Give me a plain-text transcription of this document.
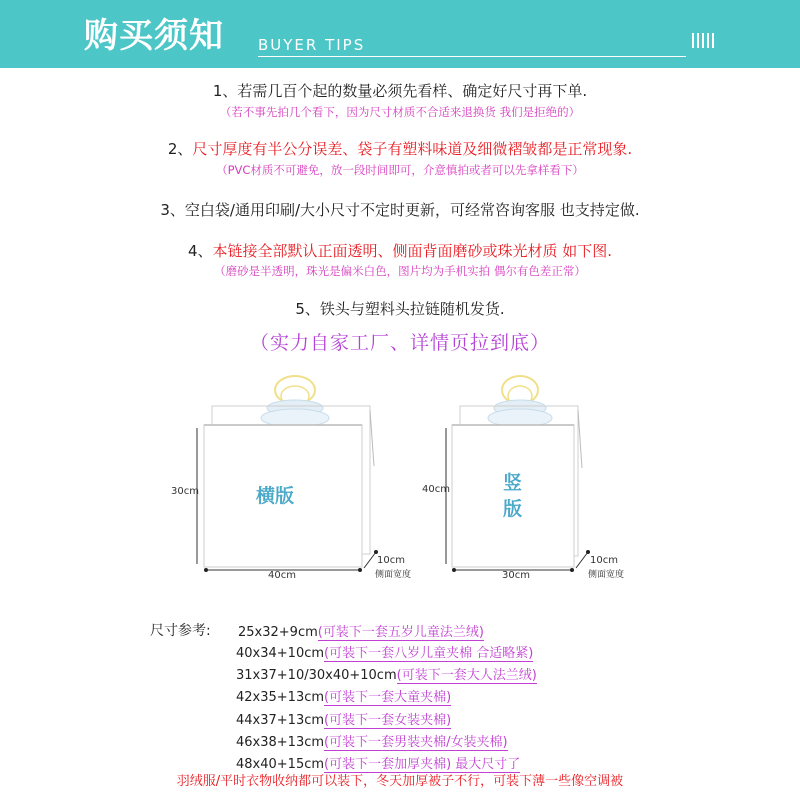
购买须知 BUYER TIPS
1、若需几百个起的数量必须先看样、确定好尺寸再下单.
（若不事先拍几个看下，因为尺寸材质不合适来退换货 我们是拒绝的）
2、尺寸厚度有半公分误差、袋子有塑料味道及细微褶皱都是正常现象.
（PVC材质不可避免，放一段时间即可，介意慎拍或者可以先拿样看下）
3、空白袋/通用印刷/大小尺寸不定时更新，可经常咨询客服 也支持定做.
4、本链接全部默认正面透明、侧面背面磨砂或珠光材质 如下图.
（磨砂是半透明，珠光是偏米白色，图片均为手机实拍 偶尔有色差正常）
5、铁头与塑料头拉链随机发货.
（实力自家工厂、详情页拉到底）
横版
30cm
40cm
10cm
侧面宽度
竖
版
40cm
30cm
10cm
侧面宽度
尺寸参考: 25x32+9cm(可装下一套五岁儿童法兰绒)
40x34+10cm(可装下一套八岁儿童夹棉 合适略紧)
31x37+10/30x40+10cm(可装下一套大人法兰绒)
42x35+13cm(可装下一套大童夹棉)
44x37+13cm(可装下一套女装夹棉)
46x38+13cm(可装下一套男装夹棉/女装夹棉)
48x40+15cm(可装下一套加厚夹棉) 最大尺寸了
羽绒服/平时衣物收纳都可以装下，冬天加厚被子不行，可装下薄一些像空调被
